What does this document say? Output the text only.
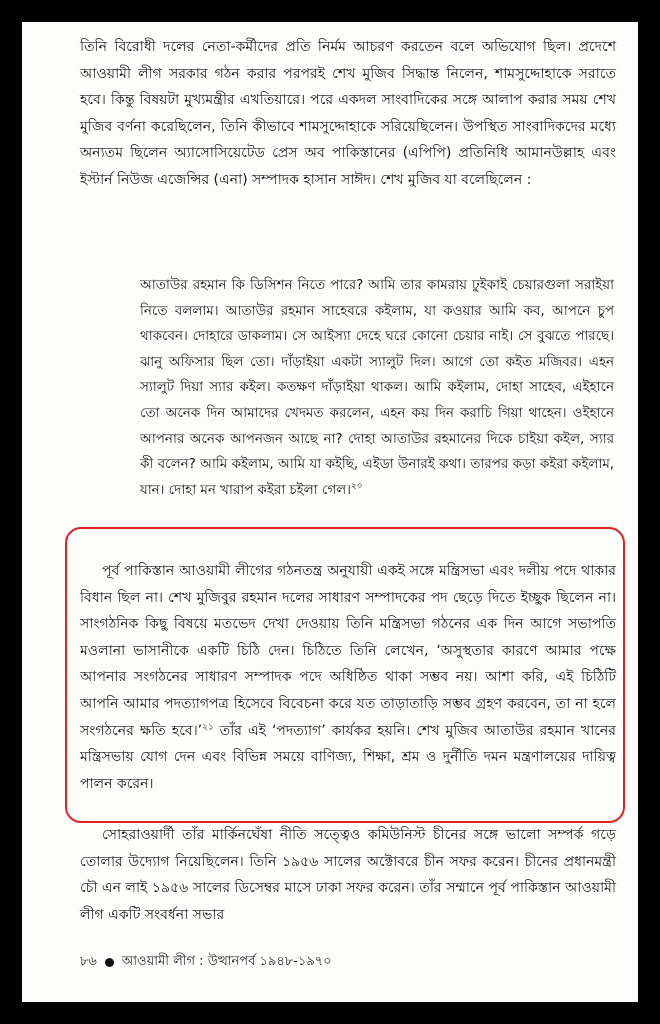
তিনি বিরোধী দলের নেতা-কর্মীদের প্রতি নির্মম আচরণ করতেন বলে অভিযোগ ছিল। প্রদেশে আওয়ামী লীগ সরকার গঠন করার পরপরই শেখ মুজিব সিদ্ধান্ত নিলেন, শামসুদ্দোহাকে সরাতে হবে। কিন্তু বিষয়টা মুখ্যমন্ত্রীর এখতিয়ারে। পরে একদল সাংবাদিকের সঙ্গে আলাপ করার সময় শেখ মুজিব বর্ণনা করেছিলেন, তিনি কীভাবে শামসুদ্দোহাকে সরিয়েছিলেন। উপস্থিত সাংবাদিকদের মধ্যে অন্যতম ছিলেন অ্যাসোসিয়েটেড প্রেস অব পাকিস্তানের (এপিপি) প্রতিনিধি আমানউল্লাহ এবং ইস্টার্ন নিউজ এজেন্সির (এনা) সম্পাদক হাসান সাঈদ। শেখ মুজিব যা বলেছিলেন :
আতাউর রহমান কি ডিসিশন নিতে পারে? আমি তার কামরায় ঢুইকাই চেয়ারগুলা সরাইয়া নিতে বললাম। আতাউর রহমান সাহেবরে কইলাম, যা কওয়ার আমি কব, আপনে চুপ থাকবেন। দোহারে ডাকলাম। সে আইস্যা দেহে ঘরে কোনো চেয়ার নাই। সে বুঝতে পারছে। ঝানু অফিসার ছিল তো। দাঁড়াইয়া একটা স্যালুট দিল। আগে তো কইত মজিবর। এহন স্যালুট দিয়া স্যার কইল। কতক্ষণ দাঁড়াইয়া থাকল। আমি কইলাম, দোহা সাহেব, এইহানে তো অনেক দিন আমাদের খেদমত করলেন, এহন কয় দিন করাচি গিয়া থাহেন। ওইহানে আপনার অনেক আপনজন আছে না? দোহা আতাউর রহমানের দিকে চাইয়া কইল, স্যার কী বলেন? আমি কইলাম, আমি যা কইছি, এইডা উনারই কথা। তারপর কড়া কইরা কইলাম, যান। দোহা মন খারাপ কইরা চইলা গেল।$^{২০}$
পূর্ব পাকিস্তান আওয়ামী লীগের গঠনতন্ত্র অনুযায়ী একই সঙ্গে মন্ত্রিসভা এবং দলীয় পদে থাকার বিধান ছিল না। শেখ মুজিবুর রহমান দলের সাধারণ সম্পাদকের পদ ছেড়ে দিতে ইচ্ছুক ছিলেন না। সাংগঠনিক কিছু বিষয়ে মতভেদ দেখা দেওয়ায় তিনি মন্ত্রিসভা গঠনের এক দিন আগে সভাপতি মওলানা ভাসানীকে একটি চিঠি দেন। চিঠিতে তিনি লেখেন, ‘অসুস্থতার কারণে আমার পক্ষে আপনার সংগঠনের সাধারণ সম্পাদক পদে অধিষ্ঠিত থাকা সম্ভব নয়। আশা করি, এই চিঠিটি আপনি আমার পদত্যাগপত্র হিসেবে বিবেচনা করে যত তাড়াতাড়ি সম্ভব গ্রহণ করবেন, তা না হলে সংগঠনের ক্ষতি হবে।’$^{২১}$ তাঁর এই ‘পদত্যাগ’ কার্যকর হয়নি। শেখ মুজিব আতাউর রহমান খানের মন্ত্রিসভায় যোগ দেন এবং বিভিন্ন সময়ে বাণিজ্য, শিক্ষা, শ্রম ও দুর্নীতি দমন মন্ত্রণালয়ের দায়িত্ব পালন করেন।
সোহরাওয়ার্দী তাঁর মার্কিনঘেঁষা নীতি সত্ত্বেও কমিউনিস্ট চীনের সঙ্গে ভালো সম্পর্ক গড়ে তোলার উদ্যোগ নিয়েছিলেন। তিনি ১৯৫৬ সালের অক্টোবরে চীন সফর করেন। চীনের প্রধানমন্ত্রী চৌ এন লাই ১৯৫৬ সালের ডিসেম্বর মাসে ঢাকা সফর করেন। তাঁর সম্মানে পূর্ব পাকিস্তান আওয়ামী লীগ একটি সংবর্ধনা সভার
৮৬ আওয়ামী লীগ : উত্থানপর্ব ১৯৪৮-১৯৭০
